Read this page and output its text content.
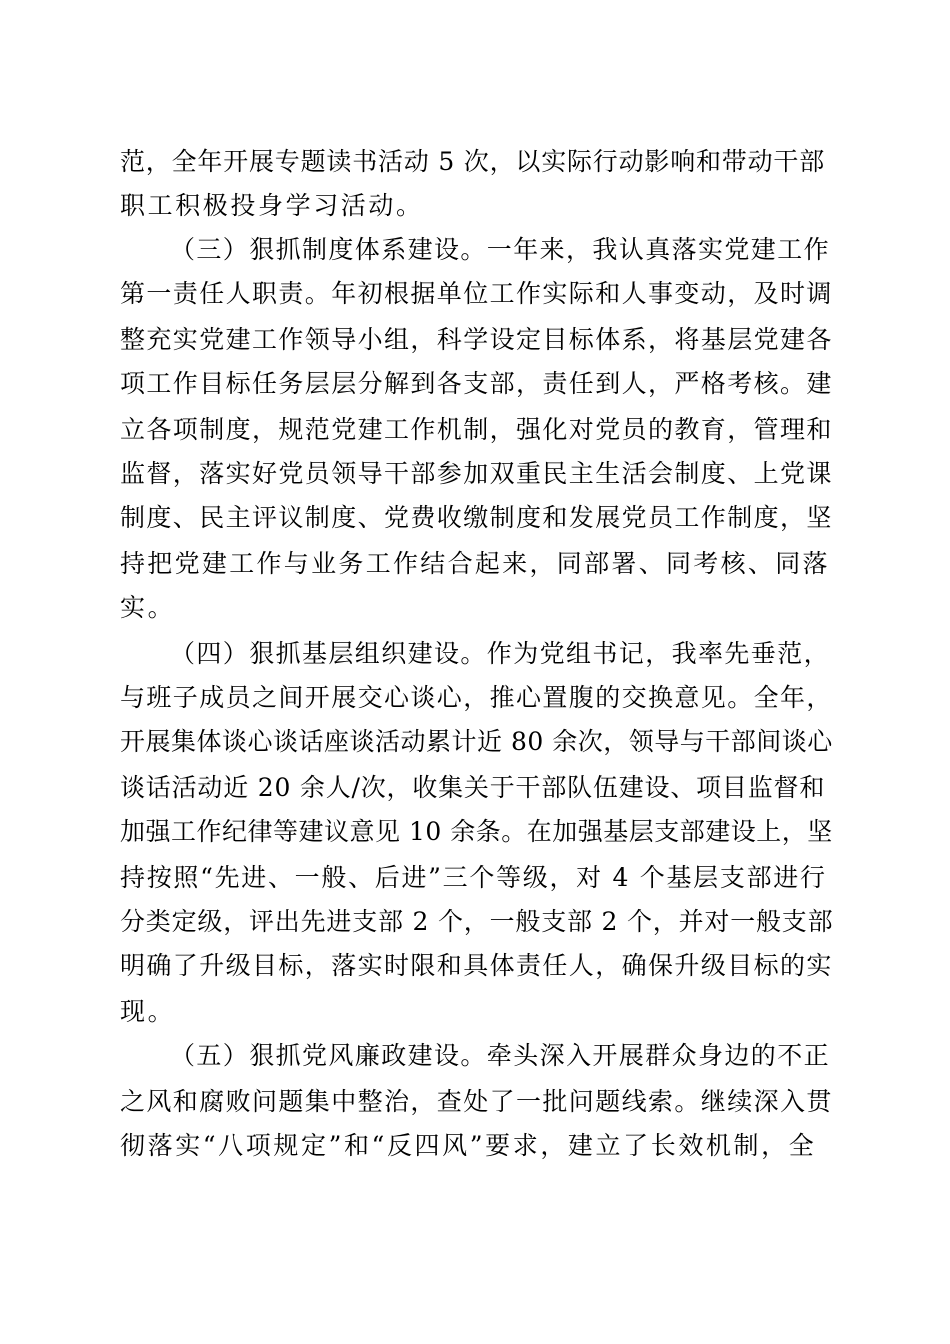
范，全年开展专题读书活动 5 次，以实际行动影响和带动干部
职工积极投身学习活动。
（三）狠抓制度体系建设。一年来，我认真落实党建工作
第一责任人职责。年初根据单位工作实际和人事变动，及时调
整充实党建工作领导小组，科学设定目标体系，将基层党建各
项工作目标任务层层分解到各支部，责任到人，严格考核。建
立各项制度，规范党建工作机制，强化对党员的教育，管理和
监督，落实好党员领导干部参加双重民主生活会制度、上党课
制度、民主评议制度、党费收缴制度和发展党员工作制度，坚
持把党建工作与业务工作结合起来，同部署、同考核、同落
实。
（四）狠抓基层组织建设。作为党组书记，我率先垂范，
与班子成员之间开展交心谈心，推心置腹的交换意见。全年，
开展集体谈心谈话座谈活动累计近 80 余次，领导与干部间谈心
谈话活动近 20 余人/次，收集关于干部队伍建设、项目监督和
加强工作纪律等建议意见 10 余条。在加强基层支部建设上，坚
持按照“先进、一般、后进”三个等级，对 4 个基层支部进行
分类定级，评出先进支部 2 个，一般支部 2 个，并对一般支部
明确了升级目标，落实时限和具体责任人，确保升级目标的实
现。
（五）狠抓党风廉政建设。牵头深入开展群众身边的不正
之风和腐败问题集中整治，查处了一批问题线索。继续深入贯
彻落实“八项规定”和“反四风”要求，建立了长效机制，全
